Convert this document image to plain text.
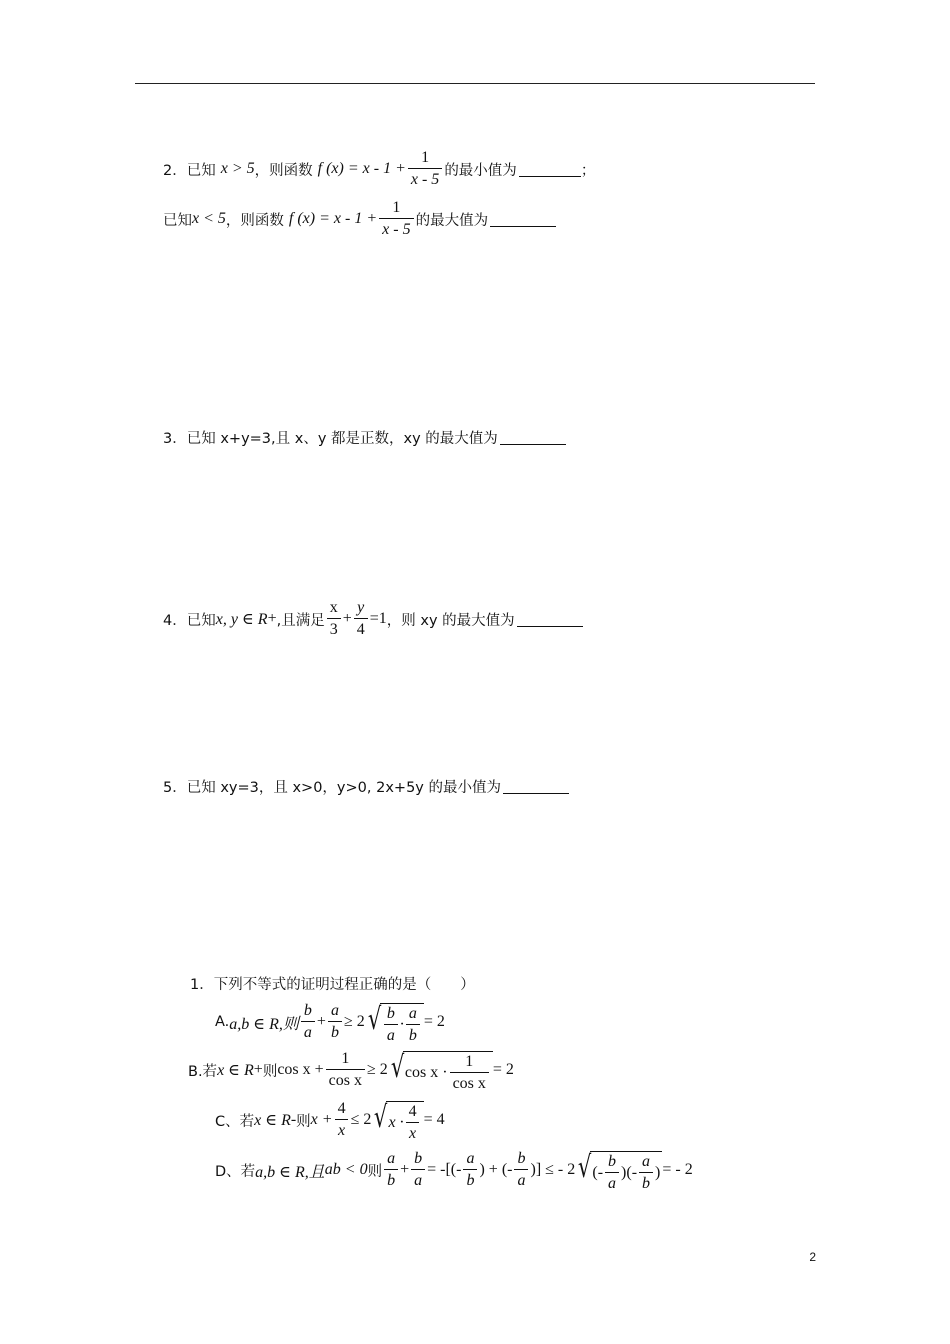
2．已知 x > 5 ，则函数 f $(x) = x - 1 + \frac{1}{x - 5}$ 的最小值为	；
已知 x < 5 ，则函数 f $(x) = x - 1 + \frac{1}{x - 5}$ 的最大值为
3．已知 x+y=3,且 x、y 都是正数，xy 的最大值为
4．已知 x, y ∈ R + ,且满足 $\frac{x}{3} + \frac{y}{4} =1$ ，则 xy 的最大值为
5．已知 xy=3，且 x>0，y>0, 2x+5y 的最小值为
1．下列不等式的证明过程正确的是（　　）
A. a,b ∈ R,则 $\frac{b}{a} + \frac{a}{b} \ge 2$ √ $\frac{b}{a} \cdot \frac{a}{b} = 2$
B.若 x ∈ R + 则 $\cos x + \frac{1}{\text{cos x}} \ge 2$ √ $\cos x \cdot \frac{1}{\text{cos x}} = 2$
C、若 x ∈ R - 则 $x + \frac{4}{x} \le 2$ √ $x \cdot \frac{4}{x} = 4$
D、若 a,b ∈ R,且 ab < 0 则 $\frac{a}{b} + \frac{b}{a}$ = -[(- $\frac{a}{b}$ ) + (- $\frac{b}{a}$ )] ≤ - 2 √ (- $\frac{b}{a}$ )(- $\frac{a}{b}$ ) = - 2
2
